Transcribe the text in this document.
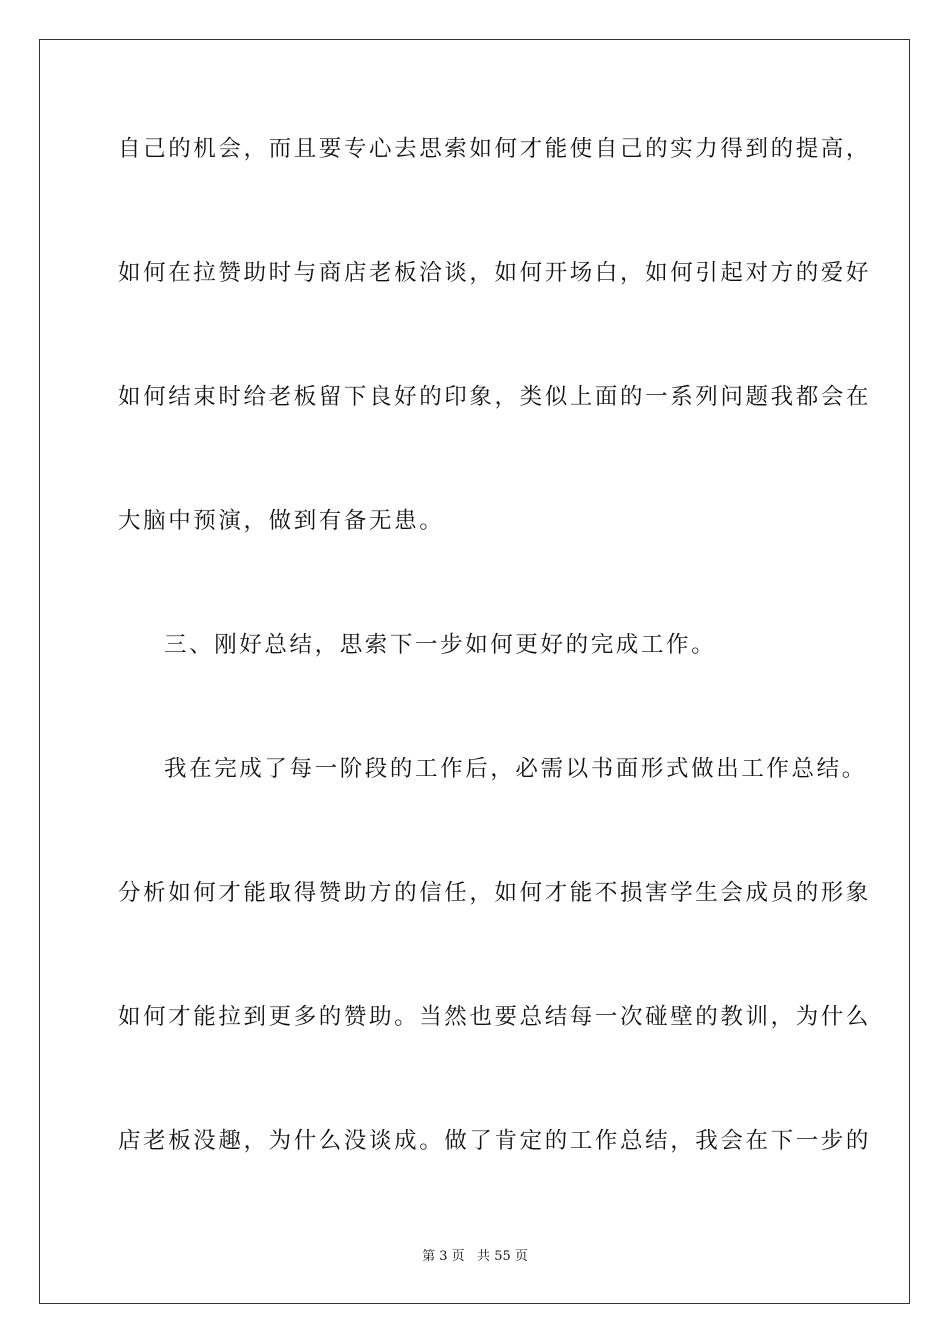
自己的机会，而且要专心去思索如何才能使自己的实力得到的提高，
如何在拉赞助时与商店老板洽谈，如何开场白，如何引起对方的爱好
如何结束时给老板留下良好的印象，类似上面的一系列问题我都会在
大脑中预演，做到有备无患。
三、刚好总结，思索下一步如何更好的完成工作。
我在完成了每一阶段的工作后，必需以书面形式做出工作总结。
分析如何才能取得赞助方的信任，如何才能不损害学生会成员的形象
如何才能拉到更多的赞助。当然也要总结每一次碰壁的教训，为什么
店老板没趣，为什么没谈成。做了肯定的工作总结，我会在下一步的
第 3 页   共 55 页
